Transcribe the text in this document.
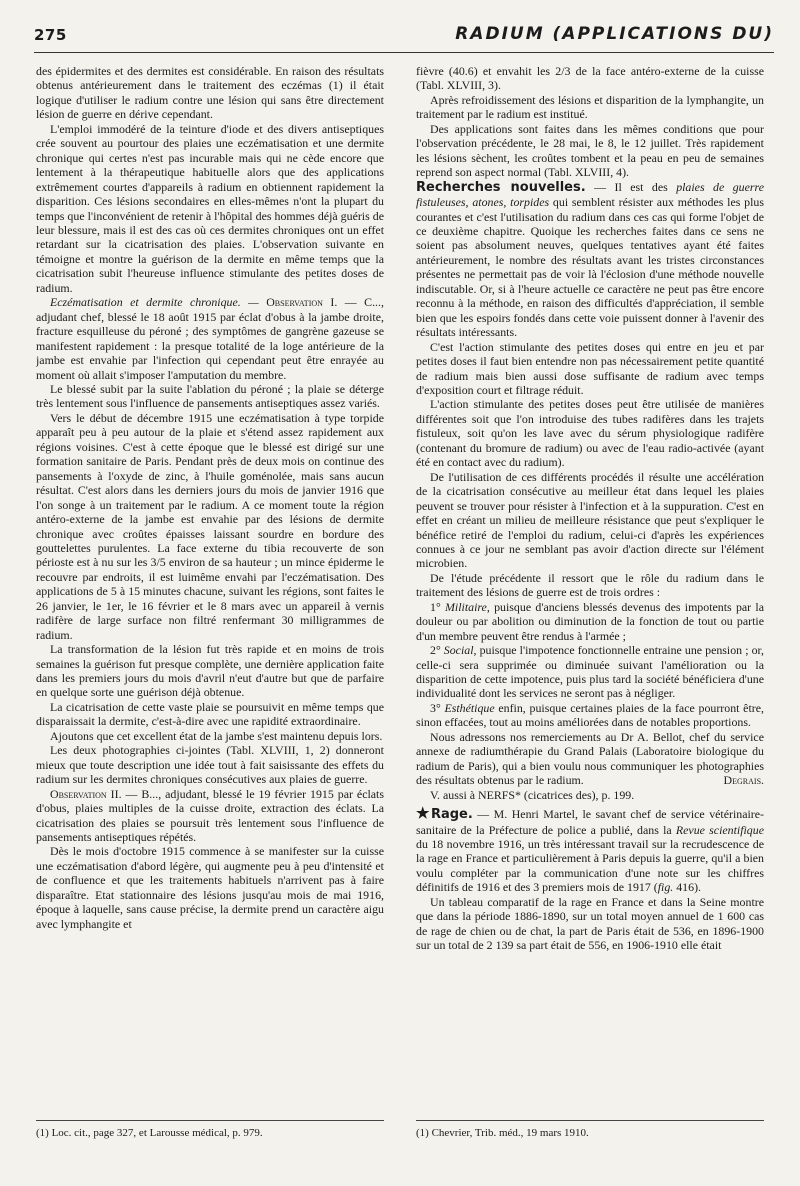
275	RADIUM (APPLICATIONS DU)

des épidermites et des dermites est considérable. En raison des résultats obtenus antérieurement dans le traitement des eczémas (1) il était logique d'utiliser le radium contre une lésion qui sans être directement lésion de guerre en dérive cependant.

L'emploi immodéré de la teinture d'iode et des divers antiseptiques crée souvent au pourtour des plaies une eczématisation et une dermite chronique qui certes n'est pas incurable mais qui ne cède encore que lentement à la thérapeutique habituelle alors que des applications extrêmement courtes d'appareils à radium en obtiennent rapidement la disparition. Ces lésions secondaires en elles-mêmes n'ont la plupart du temps que l'inconvénient de retenir à l'hôpital des hommes déjà guéris de leur blessure, mais il est des cas où ces dermites chroniques ont un effet retardant sur la cicatrisation des plaies. L'observation suivante en témoigne et montre la guérison de la dermite en même temps que la cicatrisation subit l'heureuse influence stimulante des petites doses de radium.

Eczématisation et dermite chronique. — Observation I. — C..., adjudant chef, blessé le 18 août 1915 par éclat d'obus à la jambe droite, fracture esquilleuse du péroné ; des symptômes de gangrène gazeuse se manifestent rapidement : la presque totalité de la loge antérieure de la jambe est envahie par l'infection qui cependant peut être enrayée au moment où allait s'imposer l'amputation du membre.

Le blessé subit par la suite l'ablation du péroné ; la plaie se déterge très lentement sous l'influence de pansements antiseptiques assez variés.

Vers le début de décembre 1915 une eczématisation à type torpide apparaît peu à peu autour de la plaie et s'étend assez rapidement aux régions voisines. C'est à cette époque que le blessé est dirigé sur une formation sanitaire de Paris. Pendant près de deux mois on continue des pansements à l'oxyde de zinc, à l'huile goménolée, mais sans aucun résultat. C'est alors dans les derniers jours du mois de janvier 1916 que l'on songe à un traitement par le radium. A ce moment toute la région antéro-externe de la jambe est envahie par des lésions de dermite chronique avec croûtes épaisses laissant sourdre en bordure des gouttelettes purulentes. La face externe du tibia recouverte de son périoste est à nu sur les 3/5 environ de sa hauteur ; un mince épiderme le recouvre par endroits, il est luimême envahi par l'eczématisation. Des applications de 5 à 15 minutes chacune, suivant les régions, sont faites le 26 janvier, le 1er, le 16 février et le 8 mars avec un appareil à vernis radifère de large surface non filtré renfermant 30 milligrammes de radium.

La transformation de la lésion fut très rapide et en moins de trois semaines la guérison fut presque complète, une dernière application faite dans les premiers jours du mois d'avril n'eut d'autre but que de parfaire en quelque sorte une guérison déjà obtenue.

La cicatrisation de cette vaste plaie se poursuivit en même temps que disparaissait la dermite, c'est-à-dire avec une rapidité extraordinaire.

Ajoutons que cet excellent état de la jambe s'est maintenu depuis lors.

Les deux photographies ci-jointes (Tabl. XLVIII, 1, 2) donneront mieux que toute description une idée tout à fait saisissante des effets du radium sur les dermites chroniques consécutives aux plaies de guerre.

Observation II. — B..., adjudant, blessé le 19 février 1915 par éclats d'obus, plaies multiples de la cuisse droite, extraction des éclats. La cicatrisation des plaies se poursuit très lentement sous l'influence de pansements antiseptiques répétés.

Dès le mois d'octobre 1915 commence à se manifester sur la cuisse une eczématisation d'abord légère, qui augmente peu à peu d'intensité et de confluence et que les traitements habituels n'arrivent pas à faire disparaître. Etat stationnaire des lésions jusqu'au mois de mai 1916, époque à laquelle, sans cause précise, la dermite prend un caractère aigu avec lymphangite et

fièvre (40.6) et envahit les 2/3 de la face antéro-externe de la cuisse (Tabl. XLVIII, 3).

Après refroidissement des lésions et disparition de la lymphangite, un traitement par le radium est institué.

Des applications sont faites dans les mêmes conditions que pour l'observation précédente, le 28 mai, le 8, le 12 juillet. Très rapidement les lésions sèchent, les croûtes tombent et la peau en peu de semaines reprend son aspect normal (Tabl. XLVIII, 4).

Recherches nouvelles. — Il est des plaies de guerre fistuleuses, atones, torpides qui semblent résister aux méthodes les plus courantes et c'est l'utilisation du radium dans ces cas qui forme l'objet de ce deuxième chapitre. Quoique les recherches faites dans ce sens ne soient pas absolument neuves, quelques tentatives ayant été faites antérieurement, le nombre des résultats avant les tristes circonstances présentes ne permettait pas de voir là l'éclosion d'une méthode nouvelle indiscutable. Or, si à l'heure actuelle ce caractère ne peut pas être encore reconnu à la méthode, en raison des difficultés d'appréciation, il semble bien que les espoirs fondés dans cette voie puissent donner à l'avenir des résultats intéressants.

C'est l'action stimulante des petites doses qui entre en jeu et par petites doses il faut bien entendre non pas nécessairement petite quantité de radium mais bien aussi dose suffisante de radium avec temps d'exposition court et filtrage réduit.

L'action stimulante des petites doses peut être utilisée de manières différentes soit que l'on introduise des tubes radifères dans les trajets fistuleux, soit qu'on les lave avec du sérum physiologique radifère (contenant du bromure de radium) ou avec de l'eau radio-activée (ayant été en contact avec du radium).

De l'utilisation de ces différents procédés il résulte une accélération de la cicatrisation consécutive au meilleur état dans lequel les plaies peuvent se trouver pour résister à l'infection et à la suppuration. C'est en effet en créant un milieu de meilleure résistance que peut s'expliquer le bénéfice retiré de l'emploi du radium, celui-ci d'après les expériences connues à ce jour ne semblant pas avoir d'action directe sur l'élément microbien.

De l'étude précédente il ressort que le rôle du radium dans le traitement des lésions de guerre est de trois ordres :

1° Militaire, puisque d'anciens blessés devenus des impotents par la douleur ou par abolition ou diminution de la fonction de tout ou partie d'un membre peuvent être rendus à l'armée ;

2° Social, puisque l'impotence fonctionnelle entraine une pension ; or, celle-ci sera supprimée ou diminuée suivant l'amélioration ou la disparition de cette impotence, puis plus tard la société bénéficiera d'une individualité dont les services ne seront pas à négliger.

3° Esthétique enfin, puisque certaines plaies de la face pourront être, sinon effacées, tout au moins améliorées dans de notables proportions.

Nous adressons nos remerciements au Dr A. Bellot, chef du service annexe de radiumthérapie du Grand Palais (Laboratoire biologique du radium de Paris), qui a bien voulu nous communiquer les photographies des résultats obtenus par le radium.	Degrais.

V. aussi à NERFS* (cicatrices des), p. 199.

★Rage. — M. Henri Martel, le savant chef de service vétérinaire-sanitaire de la Préfecture de police a publié, dans la Revue scientifique du 18 novembre 1916, un très intéressant travail sur la recrudescence de la rage en France et particulièrement à Paris depuis la guerre, qu'il a bien voulu compléter par la communication d'une note sur les chiffres définitifs de 1916 et des 3 premiers mois de 1917 (fig. 416).

Un tableau comparatif de la rage en France et dans la Seine montre que dans la période 1886-1890, sur un total moyen annuel de 1 600 cas de rage de chien ou de chat, la part de Paris était de 536, en 1896-1900 sur un total de 2 139 sa part était de 556, en 1906-1910 elle était

(1) Loc. cit., page 327, et Larousse médical, p. 979.	(1) Chevrier, Trib. méd., 19 mars 1910.
